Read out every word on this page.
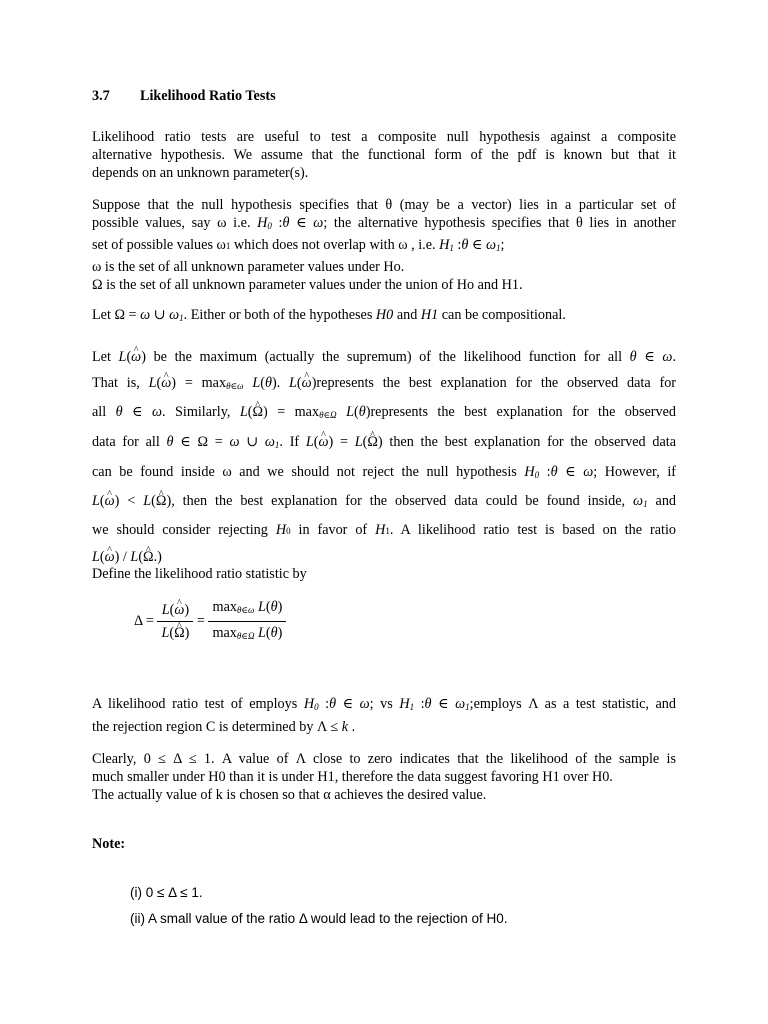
3.7 Likelihood Ratio Tests
Likelihood ratio tests are useful to test a composite null hypothesis against a composite
alternative hypothesis. We assume that the functional form of the pdf is known but that it
depends on an unknown parameter(s).
Suppose that the null hypothesis specifies that θ (may be a vector) lies in a particular set of
possible values, say ω i.e. $H_0$ :θ ∈ ω; the alternative hypothesis specifies that θ lies in another
set of possible values ω1 which does not overlap with ω , i.e. $H_1$ :θ ∈ $\omega_1$;
ω is the set of all unknown parameter values under Ho.
Ω is the set of all unknown parameter values under the union of Ho and H1.
Let Ω = ω ∪ $\omega_1$. Either or both of the hypotheses H0 and H1 can be compositional.
Let L(^ ω) be the maximum (actually the supremum) of the likelihood function for all θ ∈ ω.
That is, L(^ $\omega) = \max_{\theta\in\omega} L(\theta)$. L(^ ω)represents the best explanation for the observed data for
all θ ∈ ω. Similarly, L(^ $\Omega) = \max_{\theta\in\Omega}$ L(θ)represents the best explanation for the observed
data for all θ ∈ Ω = ω ∪ $\omega_1$. If L(^ ω) = L(^ Ω) then the best explanation for the observed data
can be found inside ω and we should not reject the null hypothesis $H_0$ :θ ∈ ω; However, if
L(^ ω) < L(^ Ω), then the best explanation for the observed data could be found inside, $\omega_1$ and
we should consider rejecting H0 in favor of H1. A likelihood ratio test is based on the ratio
L(^ ω) / L(^ Ω.)
Define the likelihood ratio statistic by
$\Delta = \frac{L(\^{} \omega)}{L(\^{} \Omega)} = \frac{\max_{\theta\in\omega} L(\theta)}{\max_{\theta\in\Omega} L(\theta)}$
A likelihood ratio test of employs $H_0$ :θ ∈ ω; vs $H_1$ :θ ∈ $\omega_1;employs$ Λ as a test statistic, and
the rejection region C is determined by Λ ≤ k .
Clearly, 0 ≤ Δ ≤ 1. A value of Λ close to zero indicates that the likelihood of the sample is
much smaller under H0 than it is under H1, therefore the data suggest favoring H1 over H0.
The actually value of k is chosen so that α achieves the desired value.
Note:
(i) 0 ≤ Δ ≤ 1.
(ii) A small value of the ratio Δ would lead to the rejection of H0.
